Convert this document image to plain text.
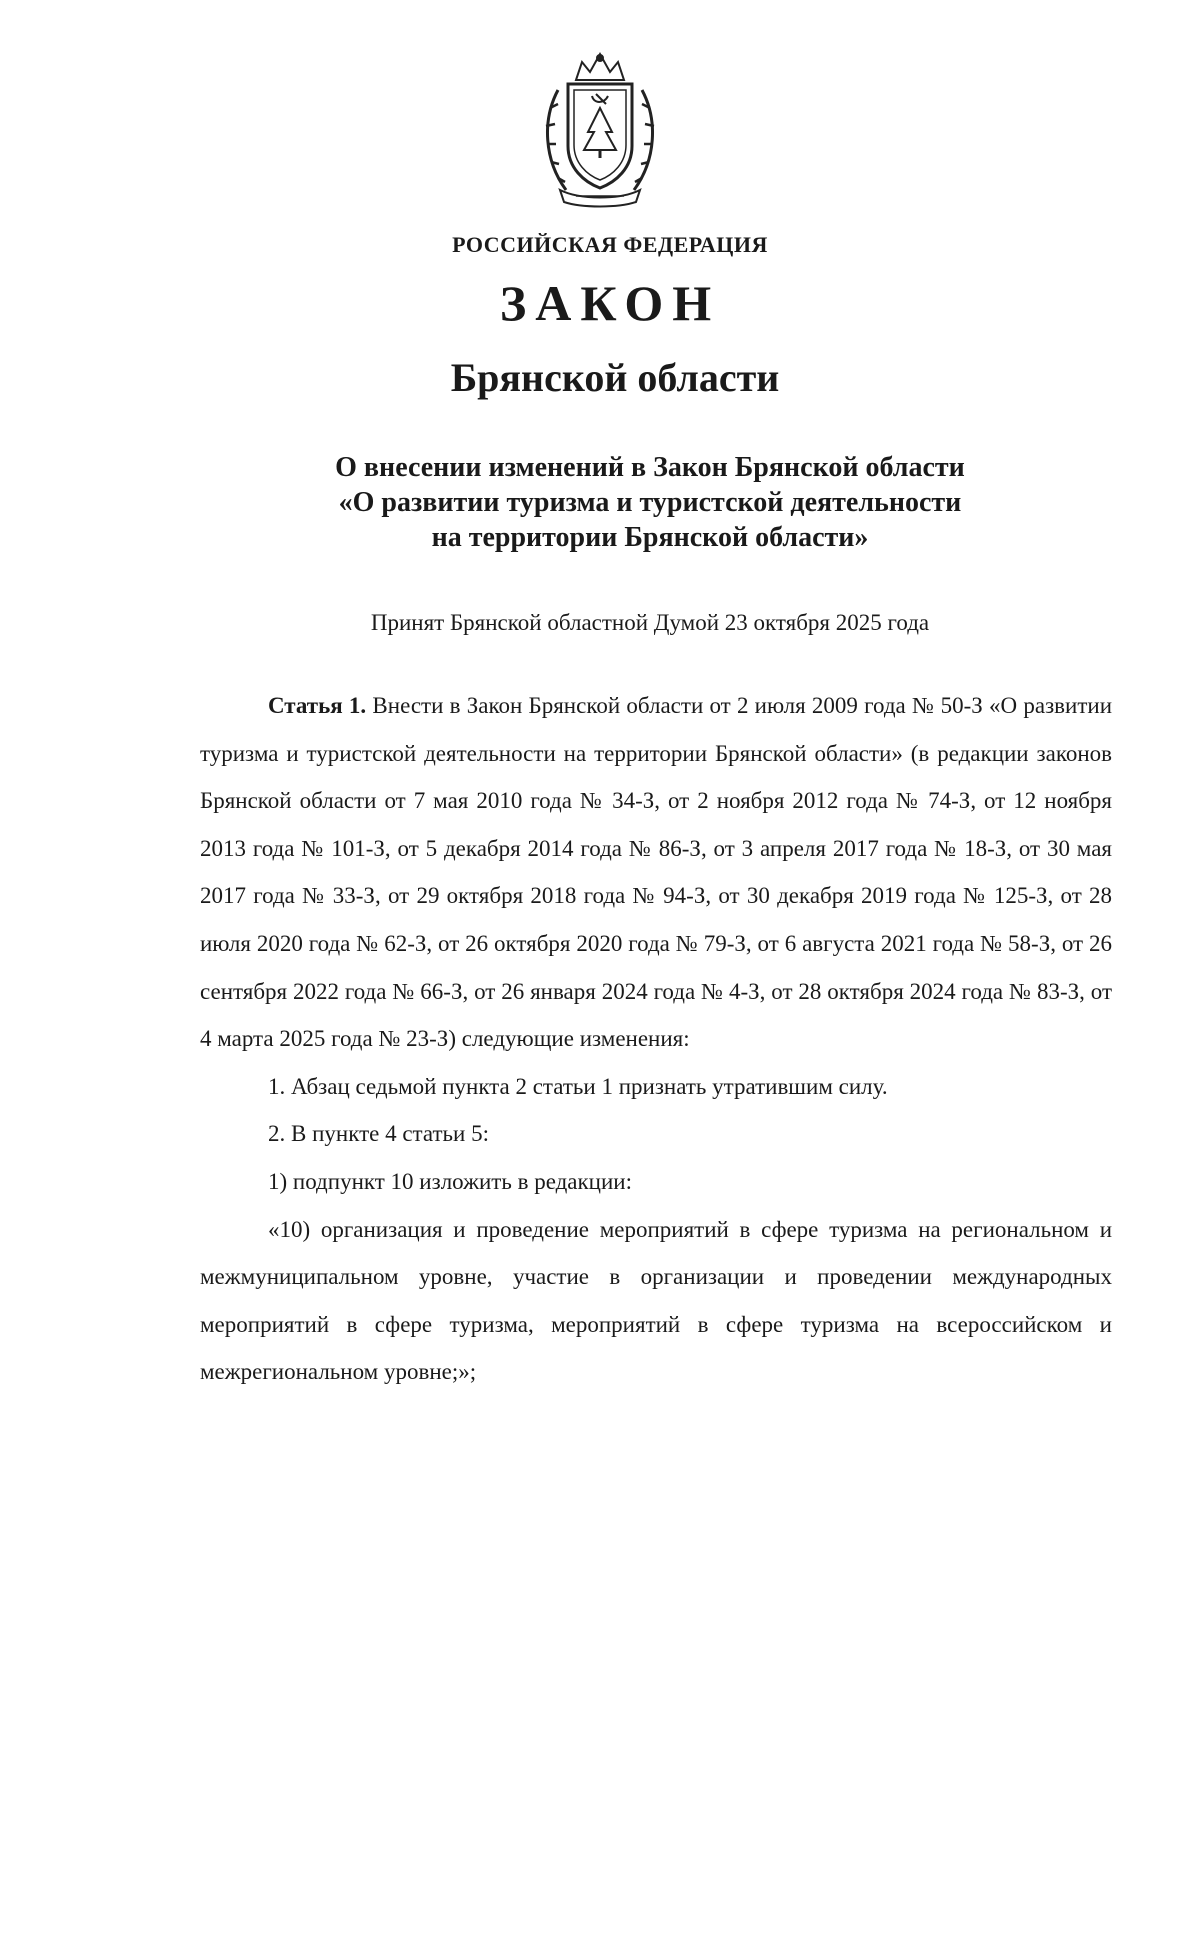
РОССИЙСКАЯ ФЕДЕРАЦИЯ
ЗАКОН
Брянской области
О внесении изменений в Закон Брянской области
«О развитии туризма и туристской деятельности
на территории Брянской области»
Принят Брянской областной Думой 23 октября 2025 года

Статья 1. Внести в Закон Брянской области от 2 июля 2009 года № 50-З «О развитии туризма и туристской деятельности на территории Брянской области» (в редакции законов Брянской области от 7 мая 2010 года № 34-З, от 2 ноября 2012 года № 74-З, от 12 ноября 2013 года № 101-З, от 5 декабря 2014 года № 86-З, от 3 апреля 2017 года № 18-З, от 30 мая 2017 года № 33-З, от 29 октября 2018 года № 94-З, от 30 декабря 2019 года № 125-З, от 28 июля 2020 года № 62-З, от 26 октября 2020 года № 79-З, от 6 августа 2021 года № 58-З, от 26 сентября 2022 года № 66-З, от 26 января 2024 года № 4-З, от 28 октября 2024 года № 83-З, от 4 марта 2025 года № 23-З) следующие изменения:

1. Абзац седьмой пункта 2 статьи 1 признать утратившим силу.

2. В пункте 4 статьи 5:

1) подпункт 10 изложить в редакции:

«10) организация и проведение мероприятий в сфере туризма на региональном и межмуниципальном уровне, участие в организации и проведении международных мероприятий в сфере туризма, мероприятий в сфере туризма на всероссийском и межрегиональном уровне;»;
